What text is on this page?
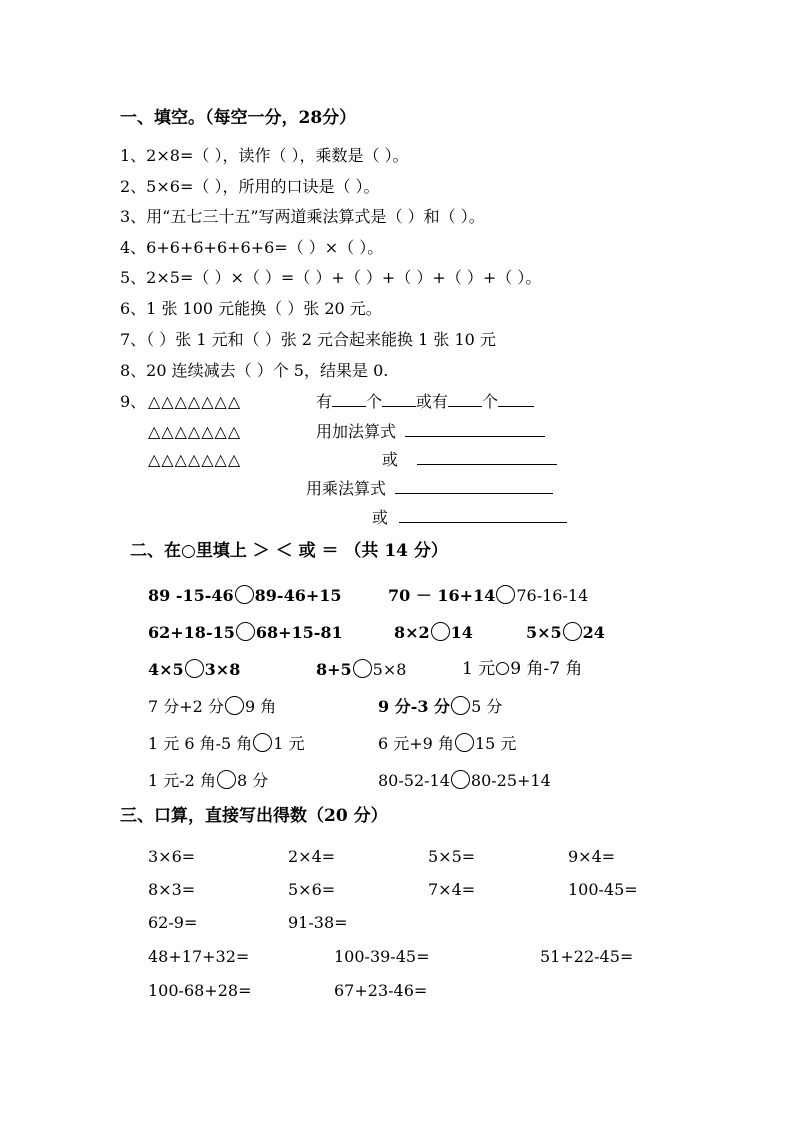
一、填空。（每空一分，28分）
1、2×8=（ ），读作（ ），乘数是（ ）。
2、5×6=（ ），所用的口诀是（ ）。
3、用“五七三十五”写两道乘法算式是（ ）和（ ）。
4、6+6+6+6+6+6=（ ）×（ ）。
5、2×5=（ ）×（ ）=（ ）+（ ）+（ ）+（ ）+（ ）。
6、1 张 100 元能换（ ）张 20 元。
7、（ ）张 1 元和（ ）张 2 元合起来能换 1 张 10 元
8、20 连续减去（ ）个 5，结果是 0.
9、 △△△△△△△
△△△△△△△
△△△△△△△
有 个 或有 个
用加法算式
或
用乘法算式
或
二、在○里填上 ＞ ＜ 或 ＝ （共 14 分）
89 -15-46 89-46+15	70 － 16+14 76-16-14
62+18-15 68+15-81	8×2 14	5×5 24
4×5 3×8	8+5 5×8	1 元 9 角-7 角
7 分+2 分 9 角	9 分-3 分 5 分
1 元 6 角-5 角 1 元	6 元+9 角 15 元
1 元-2 角 8 分	80-52-14 80-25+14
三、口算，直接写出得数（20 分）
3×6=	2×4=	5×5=	9×4=
8×3=	5×6=	7×4=	100-45=
62-9=	91-38=
48+17+32=	100-39-45=	51+22-45=
100-68+28=	67+23-46=
